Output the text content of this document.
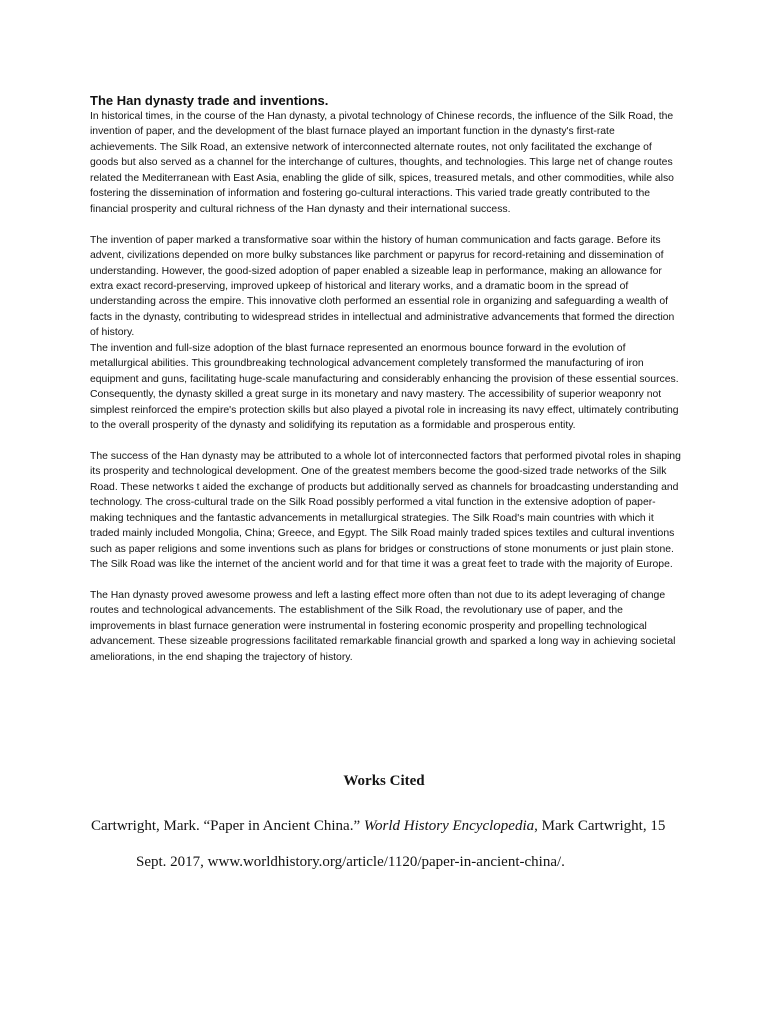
The Han dynasty trade and inventions.

In historical times, in the course of the Han dynasty, a pivotal technology of Chinese records, the influence of the Silk Road, the invention of paper, and the development of the blast furnace played an important function in the dynasty's first-rate achievements. The Silk Road, an extensive network of interconnected alternate routes, not only facilitated the exchange of goods but also served as a channel for the interchange of cultures, thoughts, and technologies. This large net of change routes related the Mediterranean with East Asia, enabling the glide of silk, spices, treasured metals, and other commodities, while also fostering the dissemination of information and fostering go-cultural interactions. This varied trade greatly contributed to the financial prosperity and cultural richness of the Han dynasty and their international success.

The invention of paper marked a transformative soar within the history of human communication and facts garage. Before its advent, civilizations depended on more bulky substances like parchment or papyrus for record-retaining and dissemination of understanding. However, the good-sized adoption of paper enabled a sizeable leap in performance, making an allowance for extra exact record-preserving, improved upkeep of historical and literary works, and a dramatic boom in the spread of understanding across the empire. This innovative cloth performed an essential role in organizing and safeguarding a wealth of facts in the dynasty, contributing to widespread strides in intellectual and administrative advancements that formed the direction of history.

The invention and full-size adoption of the blast furnace represented an enormous bounce forward in the evolution of metallurgical abilities. This groundbreaking technological advancement completely transformed the manufacturing of iron equipment and guns, facilitating huge-scale manufacturing and considerably enhancing the provision of these essential sources. Consequently, the dynasty skilled a great surge in its monetary and navy mastery. The accessibility of superior weaponry not simplest reinforced the empire's protection skills but also played a pivotal role in increasing its navy effect, ultimately contributing to the overall prosperity of the dynasty and solidifying its reputation as a formidable and prosperous entity.

The success of the Han dynasty may be attributed to a whole lot of interconnected factors that performed pivotal roles in shaping its prosperity and technological development. One of the greatest members become the good-sized trade networks of the Silk Road. These networks t aided the exchange of products but additionally served as channels for broadcasting understanding and technology. The cross-cultural trade on the Silk Road possibly performed a vital function in the extensive adoption of paper-making techniques and the fantastic advancements in metallurgical strategies. The Silk Road's main countries with which it traded mainly included Mongolia, China; Greece, and Egypt. The Silk Road mainly traded spices textiles and cultural inventions such as paper religions and some inventions such as plans for bridges or constructions of stone monuments or just plain stone. The Silk Road was like the internet of the ancient world and for that time it was a great feet to trade with the majority of Europe.

The Han dynasty proved awesome prowess and left a lasting effect more often than not due to its adept leveraging of change routes and technological advancements. The establishment of the Silk Road, the revolutionary use of paper, and the improvements in blast furnace generation were instrumental in fostering economic prosperity and propelling technological advancement. These sizeable progressions facilitated remarkable financial growth and sparked a long way in achieving societal ameliorations, in the end shaping the trajectory of history.

Works Cited

Cartwright, Mark. “Paper in Ancient China.” World History Encyclopedia, Mark Cartwright, 15
Sept. 2017, www.worldhistory.org/article/1120/paper-in-ancient-china/.
